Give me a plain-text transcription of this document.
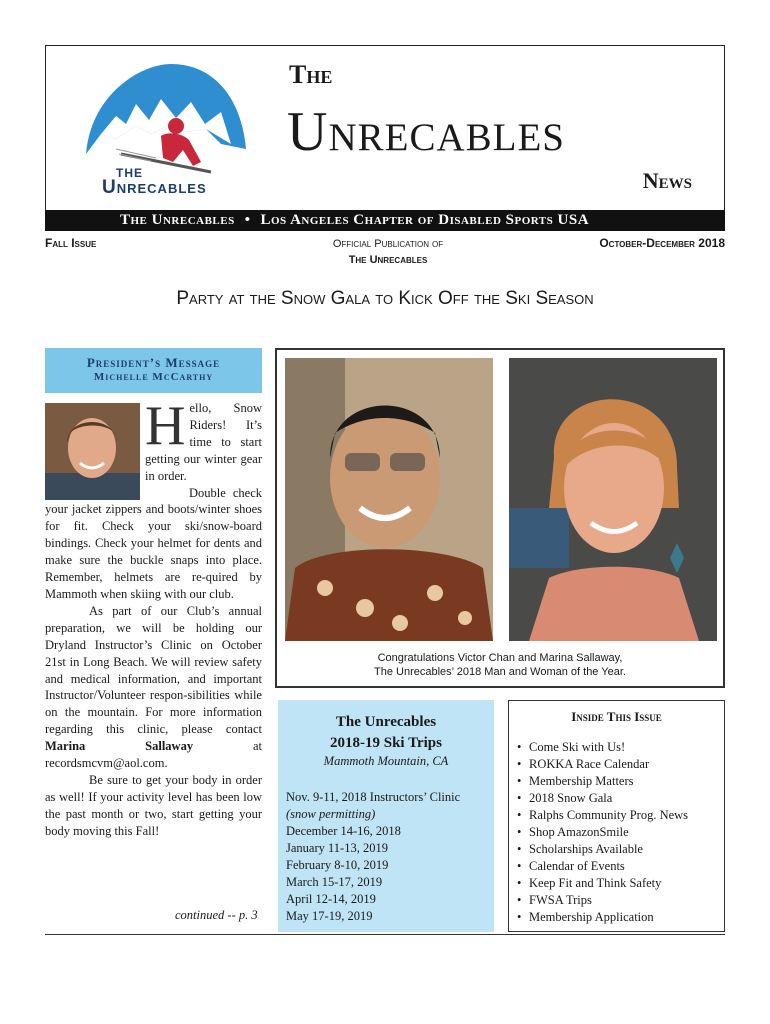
THE
Unrecables
The
Unrecables
News
The Unrecables • Los Angeles Chapter of Disabled Sports USA
Fall Issue	Official Publication of
The Unrecables
October-December 2018
Party at the Snow Gala to Kick Off the Ski Season
President’s Message
Michelle McCarthy

Hello, Snow Riders! It’s time to start getting our winter gear in order.

Double check your jacket zippers and boots/winter shoes for fit. Check your ski/snow-board bindings. Check your helmet for dents and make sure the buckle snaps into place. Remember, helmets are re-quired by Mammoth when skiing with our club.

As part of our Club’s annual preparation, we will be holding our Dryland Instructor’s Clinic on October 21st in Long Beach. We will review safety and medical information, and important Instructor/Volunteer respon-sibilities while on the mountain. For more information regarding this clinic, please contact Marina Sallaway	at recordsmcvm@aol.com.

Be sure to get your body in order as well! If your activity level has been low the past month or two, start getting your body moving this Fall!

continued -- p. 3
Congratulations Victor Chan and Marina Sallaway,
The Unrecables’ 2018 Man and Woman of the Year.
The Unrecables
2018-19 Ski Trips
Mammoth Mountain, CA
Nov. 9-11, 2018 Instructors’ Clinic
(snow permitting)
December 14-16, 2018
January 11-13, 2019
February 8-10, 2019
March 15-17, 2019
April 12-14, 2019
May 17-19, 2019
Inside This Issue
• Come Ski with Us!
• ROKKA Race Calendar
• Membership Matters
• 2018 Snow Gala
• Ralphs Community Prog. News
• Shop AmazonSmile
• Scholarships Available
• Calendar of Events
• Keep Fit and Think Safety
• FWSA Trips
• Membership Application
